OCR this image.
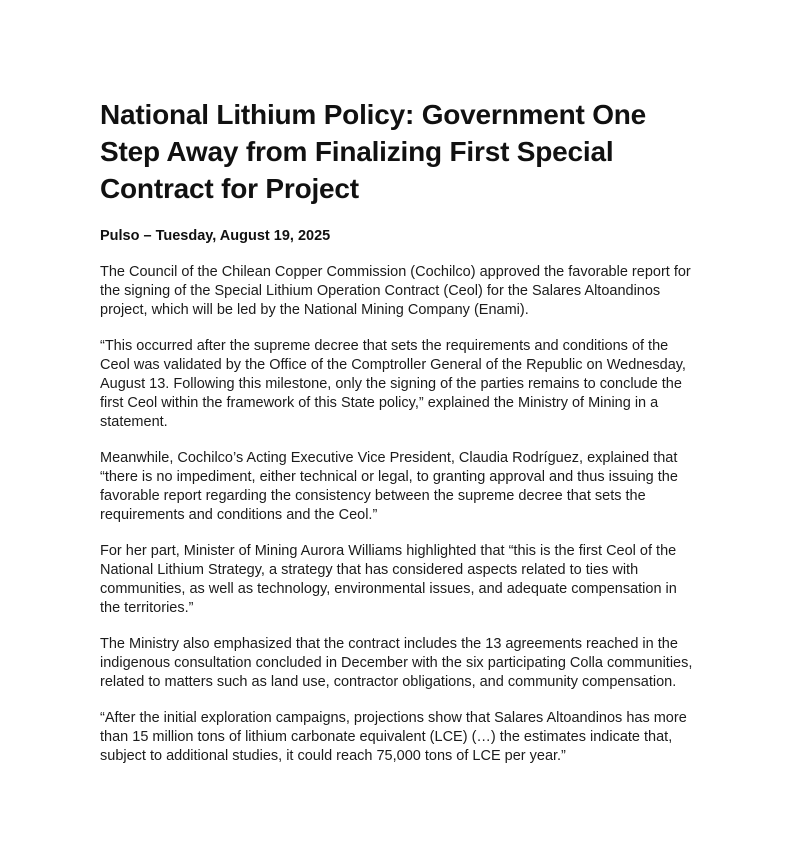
National Lithium Policy: Government One Step Away from Finalizing First Special Contract for Project

Pulso – Tuesday, August 19, 2025

The Council of the Chilean Copper Commission (Cochilco) approved the favorable report for the signing of the Special Lithium Operation Contract (Ceol) for the Salares Altoandinos project, which will be led by the National Mining Company (Enami).

“This occurred after the supreme decree that sets the requirements and conditions of the Ceol was validated by the Office of the Comptroller General of the Republic on Wednesday, August 13. Following this milestone, only the signing of the parties remains to conclude the first Ceol within the framework of this State policy,” explained the Ministry of Mining in a statement.

Meanwhile, Cochilco’s Acting Executive Vice President, Claudia Rodríguez, explained that “there is no impediment, either technical or legal, to granting approval and thus issuing the favorable report regarding the consistency between the supreme decree that sets the requirements and conditions and the Ceol.”

For her part, Minister of Mining Aurora Williams highlighted that “this is the first Ceol of the National Lithium Strategy, a strategy that has considered aspects related to ties with communities, as well as technology, environmental issues, and adequate compensation in the territories.”

The Ministry also emphasized that the contract includes the 13 agreements reached in the indigenous consultation concluded in December with the six participating Colla communities, related to matters such as land use, contractor obligations, and community compensation.

“After the initial exploration campaigns, projections show that Salares Altoandinos has more than 15 million tons of lithium carbonate equivalent (LCE) (…) the estimates indicate that, subject to additional studies, it could reach 75,000 tons of LCE per year.”
